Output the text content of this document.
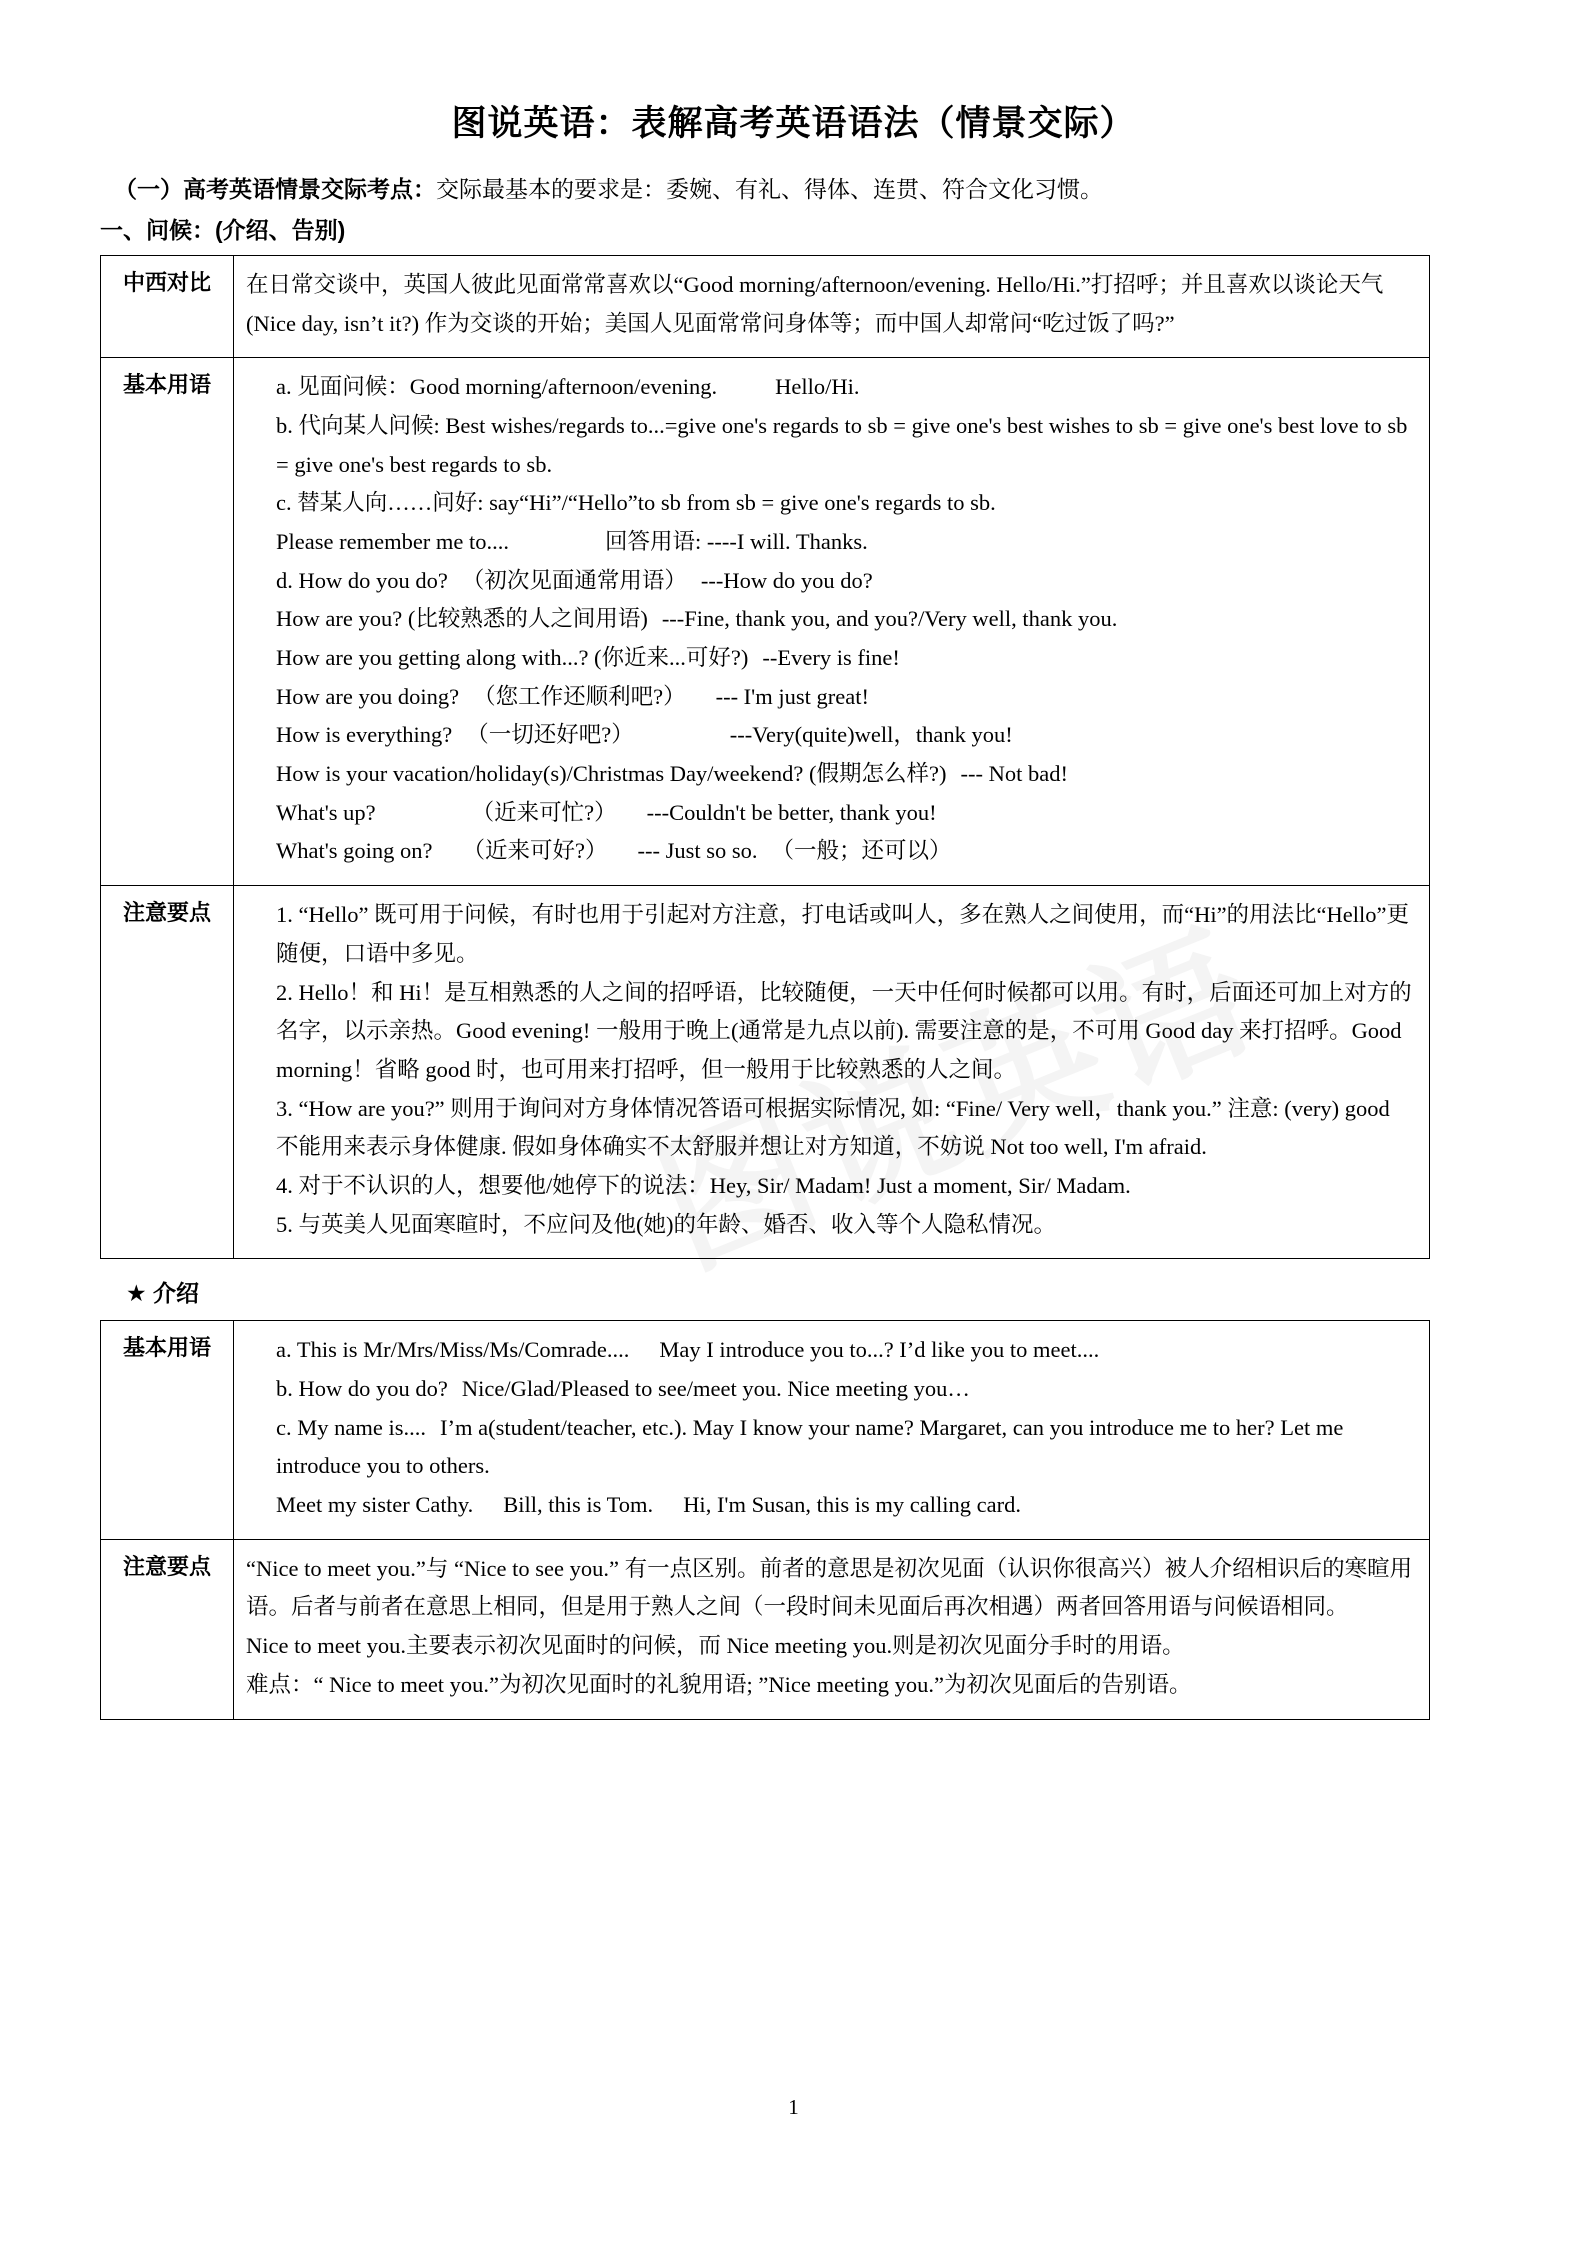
图说英语：表解高考英语语法（情景交际）

（一）高考英语情景交际考点：交际最基本的要求是：委婉、有礼、得体、连贯、符合文化习惯。

一、问候：(介绍、告别)

中西对比	在日常交谈中，英国人彼此见面常常喜欢以“Good morning/afternoon/evening. Hello/Hi.”打招呼；并且喜欢以谈论天气(Nice day, isn’t it?) 作为交谈的开始；美国人见面常常问身体等；而中国人却常问“吃过饭了吗?”

基本用语	a. 见面问候：Good morning/afternoon/evening.	Hello/Hi.

b. 代向某人问候: Best wishes/regards to...=give one's regards to sb = give one's best wishes to sb = give one's best love to sb = give one's best regards to sb.

c. 替某人向……问好: say“Hi”/“Hello”to sb from sb = give one's regards to sb.

Please remember me to....	回答用语: ----I will. Thanks.

d. How do you do? （初次见面通常用语） ---How do you do?

How are you? (比较熟悉的人之间用语) ---Fine, thank you, and you?/Very well, thank you.

How are you getting along with...? (你近来...可好?) --Every is fine!

How are you doing? （您工作还顺利吧?） --- I'm just great!

How is everything? （一切还好吧?）	---Very(quite)well，thank you!

How is your vacation/holiday(s)/Christmas Day/weekend? (假期怎么样?) --- Not bad!

What's up?	（近来可忙?） ---Couldn't be better, thank you!

What's going on? （近来可好?） --- Just so so. （一般；还可以）

注意要点	1. “Hello” 既可用于问候，有时也用于引起对方注意，打电话或叫人，多在熟人之间使用，而“Hi”的用法比“Hello”更随便，口语中多见。

2. Hello！和 Hi！是互相熟悉的人之间的招呼语，比较随便，一天中任何时候都可以用。有时，后面还可加上对方的名字，以示亲热。Good evening! 一般用于晚上(通常是九点以前). 需要注意的是，不可用 Good day 来打招呼。Good morning！省略 good 时，也可用来打招呼，但一般用于比较熟悉的人之间。

3. “How are you?” 则用于询问对方身体情况答语可根据实际情况, 如: “Fine/ Very well，thank you.” 注意: (very) good 不能用来表示身体健康. 假如身体确实不太舒服并想让对方知道，不妨说 Not too well, I'm afraid.

4. 对于不认识的人，想要他/她停下的说法：Hey, Sir/ Madam! Just a moment, Sir/ Madam.

5. 与英美人见面寒暄时，不应问及他(她)的年龄、婚否、收入等个人隐私情况。

★ 介绍

基本用语	a. This is Mr/Mrs/Miss/Ms/Comrade.... May I introduce you to...? I’d like you to meet....

b. How do you do? Nice/Glad/Pleased to see/meet you. Nice meeting you…

c. My name is.... I’m a(student/teacher, etc.). May I know your name? Margaret, can you introduce me to her? Let me introduce you to others.

Meet my sister Cathy. Bill, this is Tom. Hi, I'm Susan, this is my calling card.

注意要点	“Nice to meet you.”与 “Nice to see you.” 有一点区别。前者的意思是初次见面（认识你很高兴）被人介绍相识后的寒暄用语。后者与前者在意思上相同，但是用于熟人之间（一段时间未见面后再次相遇）两者回答用语与问候语相同。

Nice to meet you.主要表示初次见面时的问候，而 Nice meeting you.则是初次见面分手时的用语。

难点：“ Nice to meet you.”为初次见面时的礼貌用语; ”Nice meeting you.”为初次见面后的告别语。

1
